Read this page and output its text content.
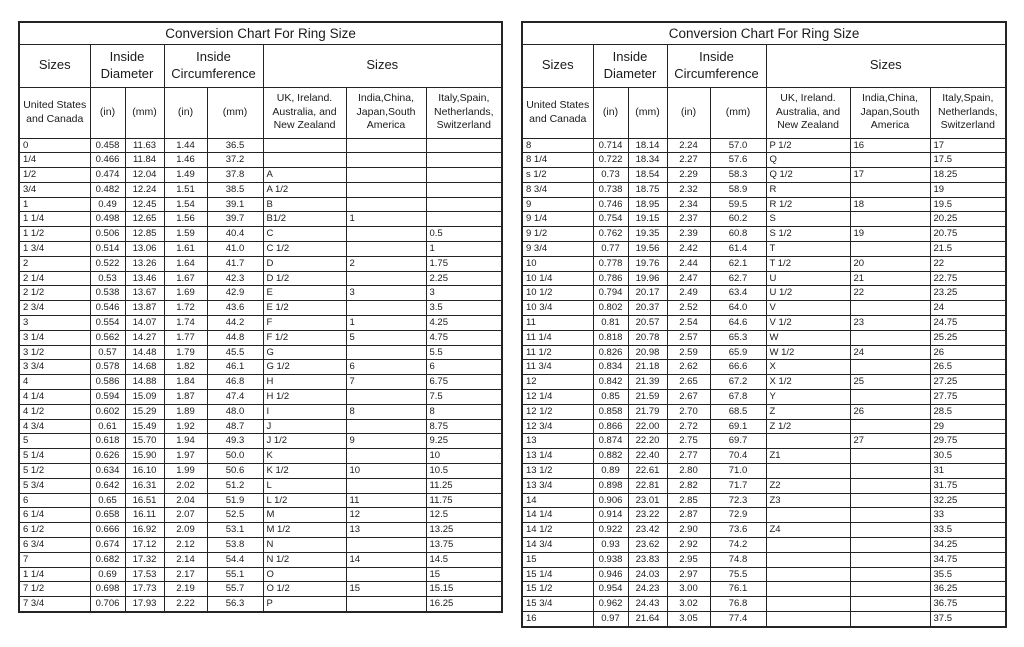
Conversion Chart For Ring Size							
Sizes	Inside Diameter		Inside Circumference		Sizes		
United States and Canada	(in)	(mm)	(in)	(mm)	UK, Ireland. Australia, and New Zealand	India,China, Japan,South America	Italy,Spain, Netherlands, Switzerland
0	0.458	11.63	1.44	36.5			
1/4	0.466	11.84	1.46	37.2			
1/2	0.474	12.04	1.49	37.8	A		
3/4	0.482	12.24	1.51	38.5	A 1/2		
1	0.49	12.45	1.54	39.1	B		
1 1/4	0.498	12.65	1.56	39.7	B1/2	1	
1 1/2	0.506	12.85	1.59	40.4	C		0.5
1 3/4	0.514	13.06	1.61	41.0	C 1/2		1
2	0.522	13.26	1.64	41.7	D	2	1.75
2 1/4	0.53	13.46	1.67	42.3	D 1/2		2.25
2 1/2	0.538	13.67	1.69	42.9	E	3	3
2 3/4	0.546	13.87	1.72	43.6	E 1/2		3.5
3	0.554	14.07	1.74	44.2	F	1	4.25
3 1/4	0.562	14.27	1.77	44.8	F 1/2	5	4.75
3 1/2	0.57	14.48	1.79	45.5	G		5.5
3 3/4	0.578	14.68	1.82	46.1	G 1/2	6	6
4	0.586	14.88	1.84	46.8	H	7	6.75
4 1/4	0.594	15.09	1.87	47.4	H 1/2		7.5
4 1/2	0.602	15.29	1.89	48.0	I	8	8
4 3/4	0.61	15.49	1.92	48.7	J		8.75
5	0.618	15.70	1.94	49.3	J 1/2	9	9.25
5 1/4	0.626	15.90	1.97	50.0	K		10
5 1/2	0.634	16.10	1.99	50.6	K 1/2	10	10.5
5 3/4	0.642	16.31	2.02	51.2	L		11.25
6	0.65	16.51	2.04	51.9	L 1/2	11	11.75
6 1/4	0.658	16.11	2.07	52.5	M	12	12.5
6 1/2	0.666	16.92	2.09	53.1	M 1/2	13	13.25
6 3/4	0.674	17.12	2.12	53.8	N		13.75
7	0.682	17.32	2.14	54.4	N 1/2	14	14.5
1 1/4	0.69	17.53	2.17	55.1	O		15
7 1/2	0.698	17.73	2.19	55.7	O 1/2	15	15.15
7 3/4	0.706	17.93	2.22	56.3	P		16.25
Conversion Chart For Ring Size							
Sizes	Inside Diameter		Inside Circumference		Sizes		
United States and Canada	(in)	(mm)	(in)	(mm)	UK, Ireland. Australia, and New Zealand	India,China, Japan,South America	Italy,Spain, Netherlands, Switzerland
8	0.714	18.14	2.24	57.0	P 1/2	16	17
8 1/4	0.722	18.34	2.27	57.6	Q		17.5
s 1/2	0.73	18.54	2.29	58.3	Q 1/2	17	18.25
8 3/4	0.738	18.75	2.32	58.9	R		19
9	0.746	18.95	2.34	59.5	R 1/2	18	19.5
9 1/4	0.754	19.15	2.37	60.2	S		20.25
9 1/2	0.762	19.35	2.39	60.8	S 1/2	19	20.75
9 3/4	0.77	19.56	2.42	61.4	T		21.5
10	0.778	19.76	2.44	62.1	T 1/2	20	22
10 1/4	0.786	19.96	2.47	62.7	U	21	22.75
10 1/2	0.794	20.17	2.49	63.4	U 1/2	22	23.25
10 3/4	0.802	20.37	2.52	64.0	V		24
11	0.81	20.57	2.54	64.6	V 1/2	23	24.75
11 1/4	0.818	20.78	2.57	65.3	W		25.25
11 1/2	0.826	20.98	2.59	65.9	W 1/2	24	26
11 3/4	0.834	21.18	2.62	66.6	X		26.5
12	0.842	21.39	2.65	67.2	X 1/2	25	27.25
12 1/4	0.85	21.59	2.67	67.8	Y		27.75
12 1/2	0.858	21.79	2.70	68.5	Z	26	28.5
12 3/4	0.866	22.00	2.72	69.1	Z 1/2		29
13	0.874	22.20	2.75	69.7		27	29.75
13 1/4	0.882	22.40	2.77	70.4	Z1		30.5
13 1/2	0.89	22.61	2.80	71.0			31
13 3/4	0.898	22.81	2.82	71.7	Z2		31.75
14	0.906	23.01	2.85	72.3	Z3		32.25
14 1/4	0.914	23.22	2.87	72.9			33
14 1/2	0.922	23.42	2.90	73.6	Z4		33.5
14 3/4	0.93	23.62	2.92	74.2			34.25
15	0.938	23.83	2.95	74.8			34.75
15 1/4	0.946	24.03	2.97	75.5			35.5
15 1/2	0.954	24.23	3.00	76.1			36.25
15 3/4	0.962	24.43	3.02	76.8			36.75
16	0.97	21.64	3.05	77.4			37.5
